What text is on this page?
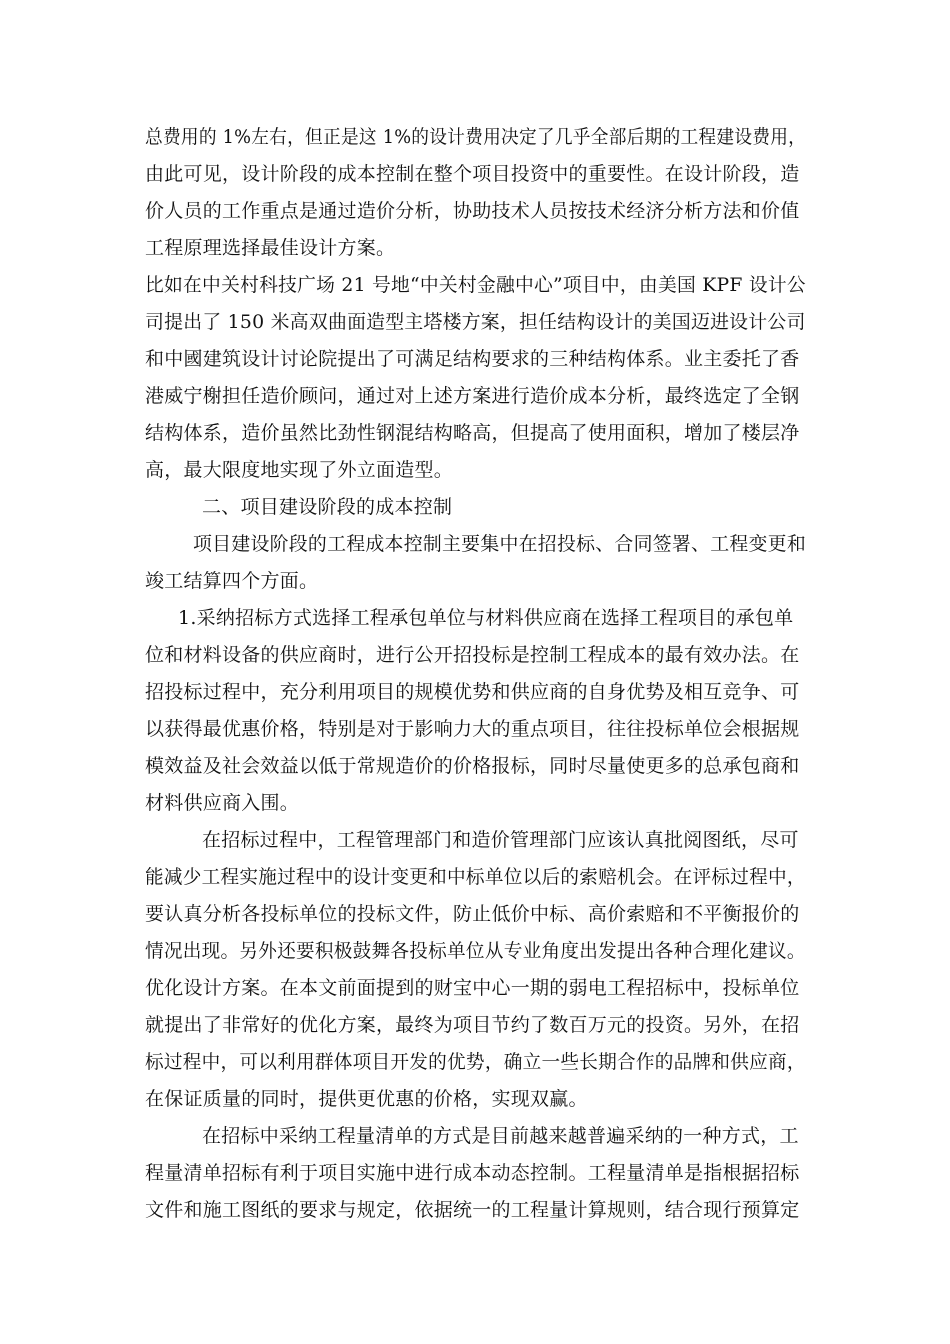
总费用的 1%左右，但正是这 1%的设计费用决定了几乎全部后期的工程建设费用，
由此可见，设计阶段的成本控制在整个项目投资中的重要性。在设计阶段，造
价人员的工作重点是通过造价分析，协助技术人员按技术经济分析方法和价值
工程原理选择最佳设计方案。
比如在中关村科技广场 21 号地“中关村金融中心”项目中，由美国 KPF 设计公
司提出了 150 米高双曲面造型主塔楼方案，担任结构设计的美国迈进设计公司
和中國建筑设计讨论院提出了可满足结构要求的三种结构体系。业主委托了香
港威宁榭担任造价顾问，通过对上述方案进行造价成本分析，最终选定了全钢
结构体系，造价虽然比劲性钢混结构略高，但提高了使用面积，增加了楼层净
高，最大限度地实现了外立面造型。
二、项目建设阶段的成本控制
项目建设阶段的工程成本控制主要集中在招投标、合同签署、工程变更和
竣工结算四个方面。
1.采纳招标方式选择工程承包单位与材料供应商在选择工程项目的承包单
位和材料设备的供应商时，进行公开招投标是控制工程成本的最有效办法。在
招投标过程中，充分利用项目的规模优势和供应商的自身优势及相互竞争、可
以获得最优惠价格，特别是对于影响力大的重点项目，往往投标单位会根据规
模效益及社会效益以低于常规造价的价格报标，同时尽量使更多的总承包商和
材料供应商入围。
在招标过程中，工程管理部门和造价管理部门应该认真批阅图纸，尽可
能减少工程实施过程中的设计变更和中标单位以后的索赔机会。在评标过程中，
要认真分析各投标单位的投标文件，防止低价中标、高价索赔和不平衡报价的
情况出现。另外还要积极鼓舞各投标单位从专业角度出发提出各种合理化建议。
优化设计方案。在本文前面提到的财宝中心一期的弱电工程招标中，投标单位
就提出了非常好的优化方案，最终为项目节约了数百万元的投资。另外，在招
标过程中，可以利用群体项目开发的优势，确立一些长期合作的品牌和供应商，
在保证质量的同时，提供更优惠的价格，实现双赢。
在招标中采纳工程量清单的方式是目前越来越普遍采纳的一种方式，工
程量清单招标有利于项目实施中进行成本动态控制。工程量清单是指根据招标
文件和施工图纸的要求与规定，依据统一的工程量计算规则，结合现行预算定
